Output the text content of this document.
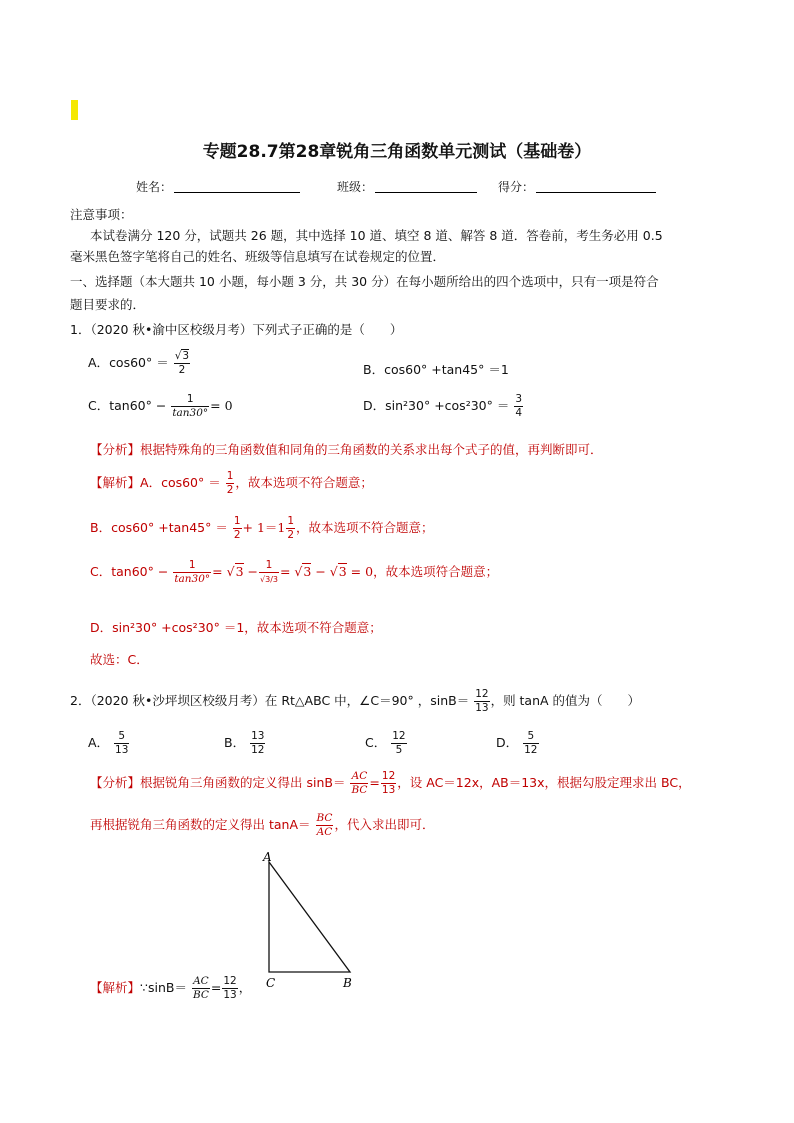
专题28.7第28章锐角三角函数单元测试（基础卷）
姓名：	班级：	得分：
注意事项：
本试卷满分 120 分，试题共 26 题，其中选择 10 道、填空 8 道、解答 8 道．答卷前，考生务必用 0.5
毫米黑色签字笔将自己的姓名、班级等信息填写在试卷规定的位置．
一、选择题（本大题共 10 小题，每小题 3 分，共 30 分）在每小题所给出的四个选项中，只有一项是符合
题目要求的．
1．（2020 秋•渝中区校级月考）下列式子正确的是（　　）
A．$\cos 60^\circ = \frac{√3}{2}$	B．cos60° +tan45° ＝1
C．$\tan 60^\circ - \frac{1}{\tan 30^\circ} = 0$	D．$\sin^230^\circ +\cos^230^\circ = \frac{3}{4}$
【分析】根据特殊角的三角函数值和同角的三角函数的关系求出每个式子的值，再判断即可．
【解析】A．$\cos 60^\circ = \frac{1}{2}$ ，故本选项不符合题意；
B．$\cos 60^\circ +\tan 45^\circ = \frac{1}{2} + 1=1 \frac{1}{2}$ ，故本选项不符合题意；
C．$\tan 60^\circ - \frac{1}{\tan 30^\circ} = √3 - \frac{1}{√3/3} = √3 - √3 = 0$，故本选项符合题意；
D．sin²30° +cos²30° ＝1，故本选项不符合题意；
故选：C．
2．（2020 秋•沙坪坝区校级月考）在 Rt△ABC 中，∠C＝90° ，$\sin B= \frac{12}{13}$ ，则 tanA 的值为（　　）
A． $\frac{5}{13}$	B． $\frac{13}{12}$	C． $\frac{12}{5}$	D． $\frac{5}{12}$
【分析】根据锐角三角函数的定义得出 $\sin B= \frac{AC}{BC} = \frac{12}{13}$ ，设 AC＝12x，AB＝13x，根据勾股定理求出 BC，
再根据锐角三角函数的定义得出 $\tan A= \frac{BC}{AC}$ ，代入求出即可．
A
C	B
【解析】∵sinB＝ $\frac{AC}{BC} = \frac{12}{13}$ ，
